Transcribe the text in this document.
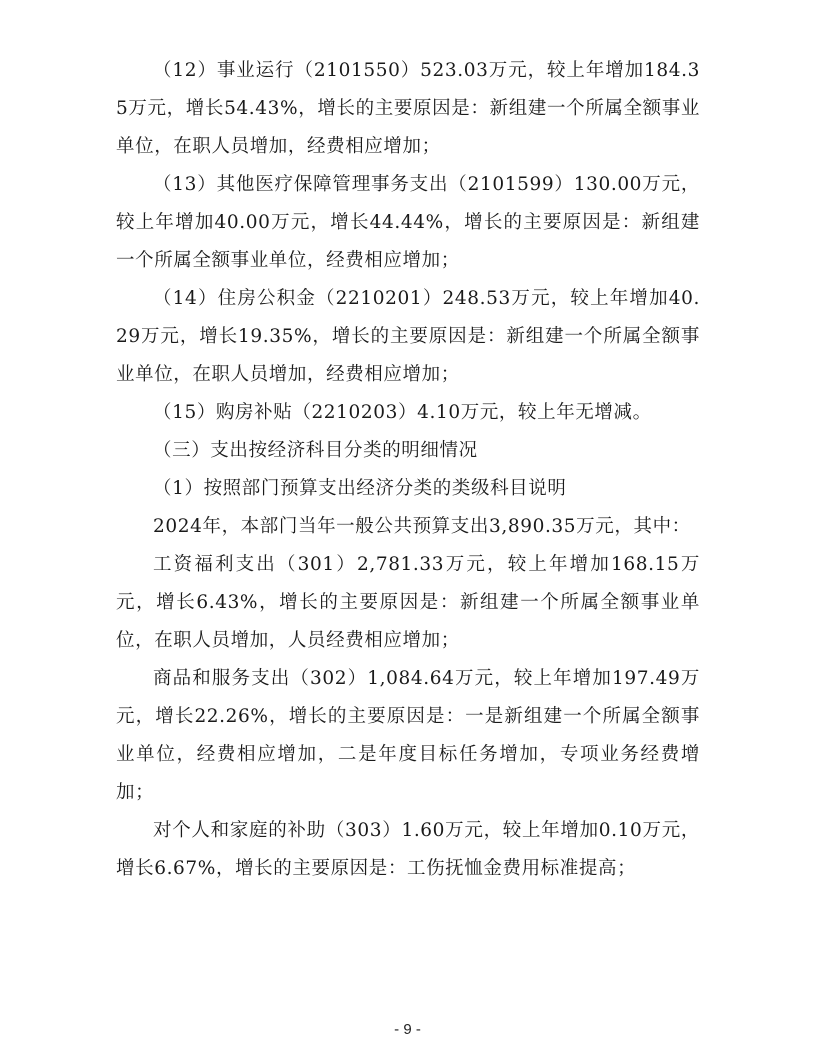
（12）事业运行（2101550）523.03万元，较上年增加184.35万元，增长54.43%，增长的主要原因是：新组建一个所属全额事业单位，在职人员增加，经费相应增加；

（13）其他医疗保障管理事务支出（2101599）130.00万元，较上年增加40.00万元，增长44.44%，增长的主要原因是：新组建一个所属全额事业单位，经费相应增加；

（14）住房公积金（2210201）248.53万元，较上年增加40.29万元，增长19.35%，增长的主要原因是：新组建一个所属全额事业单位，在职人员增加，经费相应增加；

（15）购房补贴（2210203）4.10万元，较上年无增减。

（三）支出按经济科目分类的明细情况

（1）按照部门预算支出经济分类的类级科目说明

2024年，本部门当年一般公共预算支出3,890.35万元，其中：

工资福利支出（301）2,781.33万元，较上年增加168.15万元，增长6.43%，增长的主要原因是：新组建一个所属全额事业单位，在职人员增加，人员经费相应增加；

商品和服务支出（302）1,084.64万元，较上年增加197.49万元，增长22.26%，增长的主要原因是：一是新组建一个所属全额事业单位，经费相应增加，二是年度目标任务增加，专项业务经费增加；

对个人和家庭的补助（303）1.60万元，较上年增加0.10万元，增长6.67%，增长的主要原因是：工伤抚恤金费用标准提高；

- 9 -
